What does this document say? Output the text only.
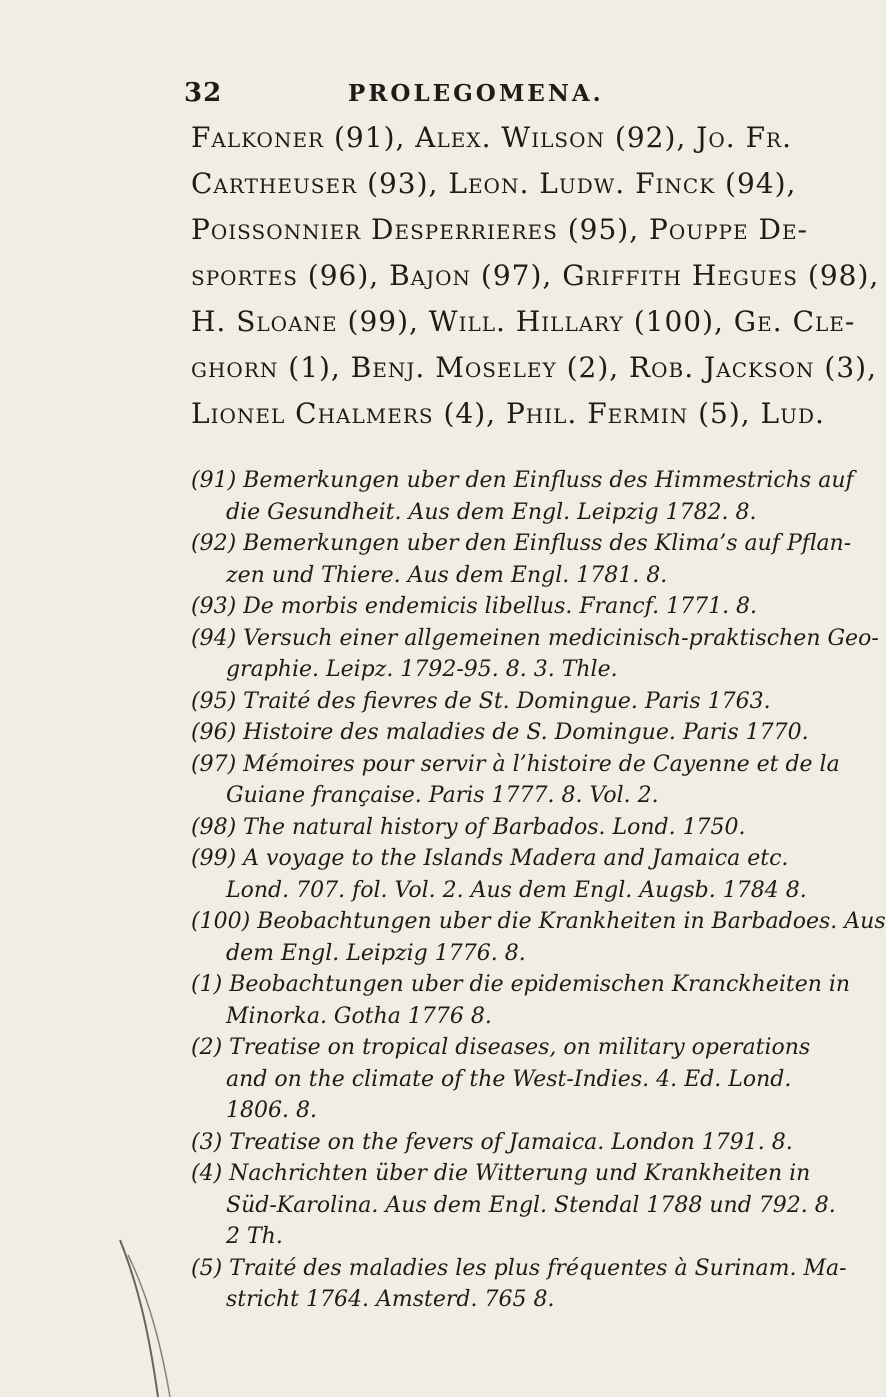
32	PROLEGOMENA.
Falkoner (91), Alex. Wilson (92), Jo. Fr.
Cartheuser (93), Leon. Ludw. Finck (94),
Poissonnier Desperrieres (95), Pouppe De-
sportes (96), Bajon (97), Griffith Hegues (98),
H. Sloane (99), Will. Hillary (100), Ge. Cle-
ghorn (1), Benj. Moseley (2), Rob. Jackson (3),
Lionel Chalmers (4), Phil. Fermin (5), Lud.
(91) Bemerkungen uber den Einfluss des Himmestrichs auf
die Gesundheit. Aus dem Engl. Leipzig 1782. 8.
(92) Bemerkungen uber den Einfluss des Klima’s auf Pflan-
zen und Thiere. Aus dem Engl. 1781. 8.
(93) De morbis endemicis libellus. Francf. 1771. 8.
(94) Versuch einer allgemeinen medicinisch-praktischen Geo-
graphie. Leipz. 1792-95. 8. 3. Thle.
(95) Traité des fievres de St. Domingue. Paris 1763.
(96) Histoire des maladies de S. Domingue. Paris 1770.
(97) Mémoires pour servir à l’histoire de Cayenne et de la
Guiane française. Paris 1777. 8. Vol. 2.
(98) The natural history of Barbados. Lond. 1750.
(99) A voyage to the Islands Madera and Jamaica etc.
Lond. 707. fol. Vol. 2. Aus dem Engl. Augsb. 1784 8.
(100) Beobachtungen uber die Krankheiten in Barbadoes. Aus
dem Engl. Leipzig 1776. 8.
(1) Beobachtungen uber die epidemischen Kranckheiten in
Minorka. Gotha 1776 8.
(2) Treatise on tropical diseases, on military operations
and on the climate of the West-Indies. 4. Ed. Lond.
1806. 8.
(3) Treatise on the fevers of Jamaica. London 1791. 8.
(4) Nachrichten über die Witterung und Krankheiten in
Süd-Karolina. Aus dem Engl. Stendal 1788 und 792. 8.
2 Th.
(5) Traité des maladies les plus fréquentes à Surinam. Ma-
stricht 1764. Amsterd. 765 8.
